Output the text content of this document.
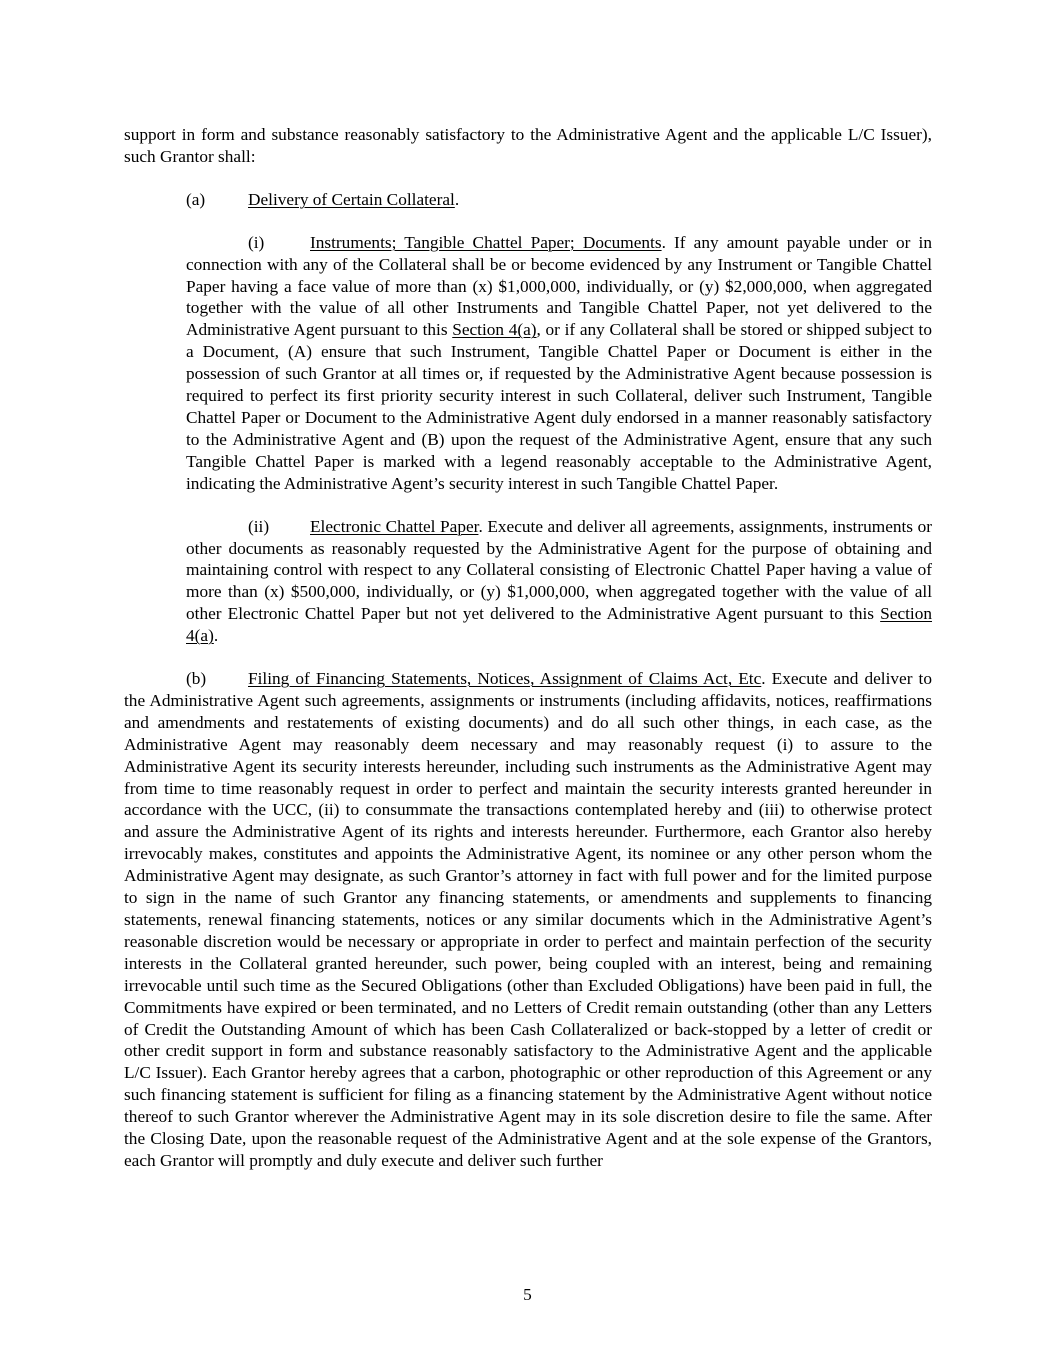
support in form and substance reasonably satisfactory to the Administrative Agent and the applicable L/C Issuer), such Grantor shall:

(a) Delivery of Certain Collateral.

(i)	Instruments; Tangible Chattel Paper; Documents. If any amount payable under or in connection with any of the Collateral shall be or become evidenced by any Instrument or Tangible Chattel Paper having a face value of more than (x) $1,000,000, individually, or (y) $2,000,000, when aggregated together with the value of all other Instruments and Tangible Chattel Paper, not yet delivered to the Administrative Agent pursuant to this Section 4(a), or if any Collateral shall be stored or shipped subject to a Document, (A) ensure that such Instrument, Tangible Chattel Paper or Document is either in the possession of such Grantor at all times or, if requested by the Administrative Agent because possession is required to perfect its first priority security interest in such Collateral, deliver such Instrument, Tangible Chattel Paper or Document to the Administrative Agent duly endorsed in a manner reasonably satisfactory to the Administrative Agent and (B) upon the request of the Administrative Agent, ensure that any such Tangible Chattel Paper is marked with a legend reasonably acceptable to the Administrative Agent, indicating the Administrative Agent’s security interest in such Tangible Chattel Paper.

(ii) Electronic Chattel Paper. Execute and deliver all agreements, assignments, instruments or other documents as reasonably requested by the Administrative Agent for the purpose of obtaining and maintaining control with respect to any Collateral consisting of Electronic Chattel Paper having a value of more than (x) $500,000, individually, or (y) $1,000,000, when aggregated together with the value of all other Electronic Chattel Paper but not yet delivered to the Administrative Agent pursuant to this Section 4(a).

(b) Filing of Financing Statements, Notices, Assignment of Claims Act, Etc. Execute and deliver to the Administrative Agent such agreements, assignments or instruments (including affidavits, notices, reaffirmations and amendments and restatements of existing documents) and do all such other things, in each case, as the Administrative Agent may reasonably deem necessary and may reasonably request (i) to assure to the Administrative Agent its security interests hereunder, including such instruments as the Administrative Agent may from time to time reasonably request in order to perfect and maintain the security interests granted hereunder in accordance with the UCC, (ii) to consummate the transactions contemplated hereby and (iii) to otherwise protect and assure the Administrative Agent of its rights and interests hereunder. Furthermore, each Grantor also hereby irrevocably makes, constitutes and appoints the Administrative Agent, its nominee or any other person whom the Administrative Agent may designate, as such Grantor’s attorney in fact with full power and for the limited purpose to sign in the name of such Grantor any financing statements, or amendments and supplements to financing statements, renewal financing statements, notices or any similar documents which in the Administrative Agent’s reasonable discretion would be necessary or appropriate in order to perfect and maintain perfection of the security interests in the Collateral granted hereunder, such power, being coupled with an interest, being and remaining irrevocable until such time as the Secured Obligations (other than Excluded Obligations) have been paid in full, the Commitments have expired or been terminated, and no Letters of Credit remain outstanding (other than any Letters of Credit the Outstanding Amount of which has been Cash Collateralized or back-stopped by a letter of credit or other credit support in form and substance reasonably satisfactory to the Administrative Agent and the applicable L/C Issuer). Each Grantor hereby agrees that a carbon, photographic or other reproduction of this Agreement or any such financing statement is sufficient for filing as a financing statement by the Administrative Agent without notice thereof to such Grantor wherever the Administrative Agent may in its sole discretion desire to file the same. After the Closing Date, upon the reasonable request of the Administrative Agent and at the sole expense of the Grantors, each Grantor will promptly and duly execute and deliver such further

5
